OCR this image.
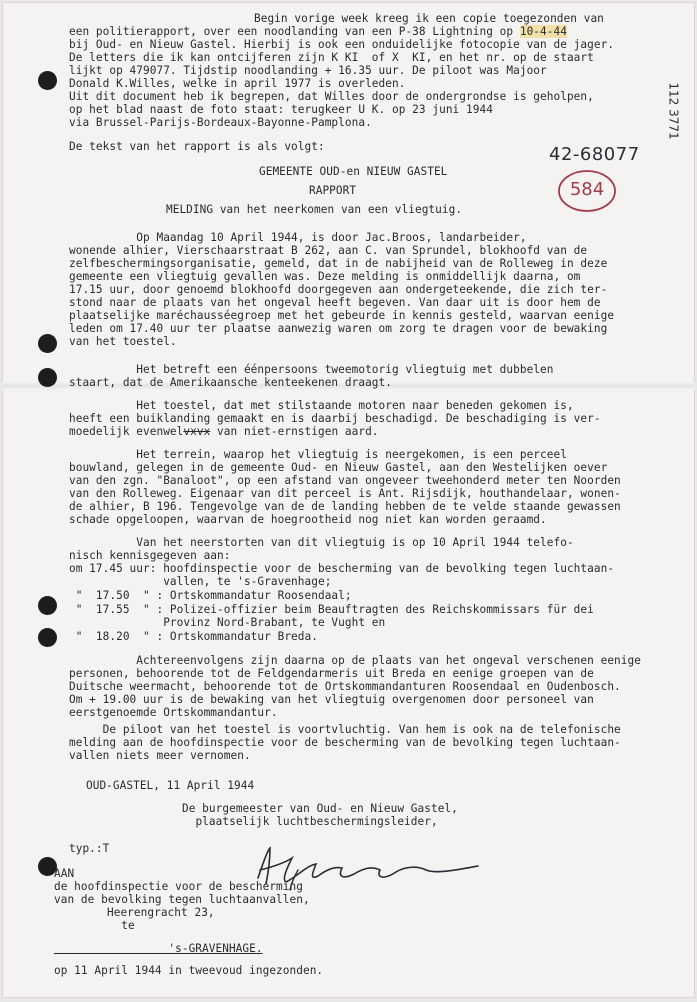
Begin vorige week kreeg ik een copie toegezonden van
een politierapport, over een noodlanding van een P-38 Lightning op 10-4-44
bij Oud- en Nieuw Gastel. Hierbij is ook een onduidelijke fotocopie van de jager.
De letters die ik kan ontcijferen zijn K KI  of X  KI, en het nr. op de staart
lijkt op 479077. Tijdstip noodlanding + 16.35 uur. De piloot was Majoor
Donald K.Willes, welke in april 1977 is overleden.
Uit dit document heb ik begrepen, dat Willes door de ondergrondse is geholpen,
op het blad naast de foto staat: terugkeer U K. op 23 juni 1944
via Brussel-Parijs-Bordeaux-Bayonne-Pamplona.
De tekst van het rapport is als volgt:
112 3771
42-68077
584
GEMEENTE OUD-en NIEUW GASTEL
RAPPORT
MELDING van het neerkomen van een vliegtuig.
Op Maandag 10 April 1944, is door Jac.Broos, landarbeider,
wonende alhier, Vierschaarstraat B 262, aan C. van Sprundel, blokhoofd van de
zelfbeschermingsorganisatie, gemeld, dat in de nabijheid van de Rolleweg in deze
gemeente een vliegtuig gevallen was. Deze melding is onmiddellijk daarna, om
17.15 uur, door genoemd blokhoofd doorgegeven aan ondergeteekende, die zich ter-
stond naar de plaats van het ongeval heeft begeven. Van daar uit is door hem de
plaatselijke maréchausséegroep met het gebeurde in kennis gesteld, waarvan eenige
leden om 17.40 uur ter plaatse aanwezig waren om zorg te dragen voor de bewaking
van het toestel.
Het betreft een éénpersoons tweemotorig vliegtuig met dubbelen
staart, dat de Amerikaansche kenteekenen draagt.
Het toestel, dat met stilstaande motoren naar beneden gekomen is,
heeft een buiklanding gemaakt en is daarbij beschadigd. De beschadiging is ver-
moedelijk evenwelvxvx van niet-ernstigen aard.
Het terrein, waarop het vliegtuig is neergekomen, is een perceel
bouwland, gelegen in de gemeente Oud- en Nieuw Gastel, aan den Westelijken oever
van den zgn. "Banaloot", op een afstand van ongeveer tweehonderd meter ten Noorden
van den Rolleweg. Eigenaar van dit perceel is Ant. Rijsdijk, houthandelaar, wonen-
de alhier, B 196. Tengevolge van de de landing hebben de te velde staande gewassen
schade opgeloopen, waarvan de hoegrootheid nog niet kan worden geraamd.
Van het neerstorten van dit vliegtuig is op 10 April 1944 telefo-
nisch kennisgegeven aan:
om 17.45 uur: hoofdinspectie voor de bescherming van de bevolking tegen luchtaan-
vallen, te 's-Gravenhage;
"  17.50  " : Ortskommandatur Roosendaal;
"  17.55  " : Polizei-offizier beim Beauftragten des Reichskommissars für dei
Provinz Nord-Brabant, te Vught en
"  18.20  " : Ortskommandatur Breda.
Achtereenvolgens zijn daarna op de plaats van het ongeval verschenen eenige
personen, behoorende tot de Feldgendarmeris uit Breda en eenige groepen van de
Duitsche weermacht, behoorende tot de Ortskommandanturen Roosendaal en Oudenbosch.
Om + 19.00 uur is de bewaking van het vliegtuig overgenomen door personeel van
eerstgenoemde Ortskommandantur.
De piloot van het toestel is voortvluchtig. Van hem is ook na de telefonische
melding aan de hoofdinspectie voor de bescherming van de bevolking tegen luchtaan-
vallen niets meer vernomen.
OUD-GASTEL, 11 April 1944
De burgemeester van Oud- en Nieuw Gastel,
plaatselijk luchtbeschermingsleider,
typ.:T
AAN
de hoofdinspectie voor de bescherming
van de bevolking tegen luchtaanvallen,
Heerengracht 23,
te
's-GRAVENHAGE.
op 11 April 1944 in tweevoud ingezonden.
